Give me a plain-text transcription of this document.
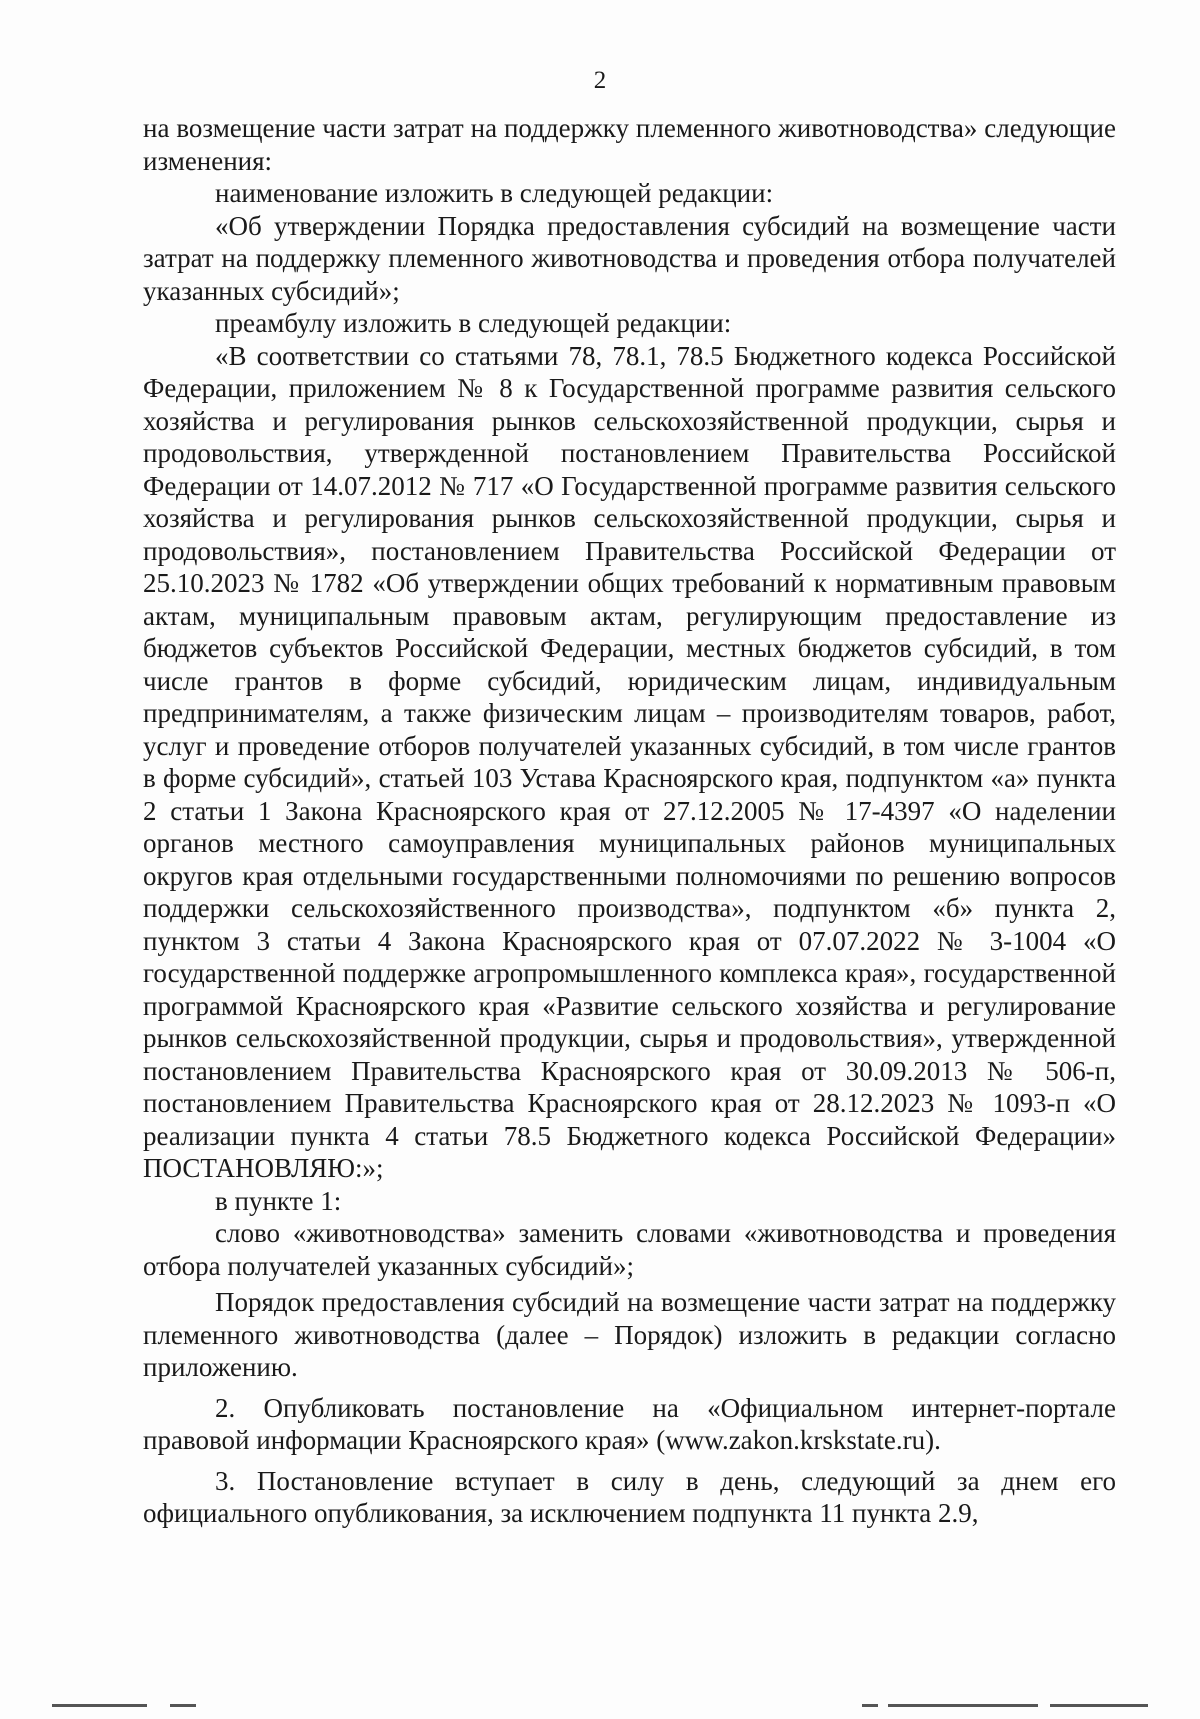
2

на возмещение части затрат на поддержку племенного животноводства» следующие изменения:

наименование изложить в следующей редакции:

«Об утверждении Порядка предоставления субсидий на возмещение части затрат на поддержку племенного животноводства и проведения отбора получателей указанных субсидий»;

преамбулу изложить в следующей редакции:

«В соответствии со статьями 78, 78.1, 78.5 Бюджетного кодекса Российской Федерации, приложением № 8 к Государственной программе развития сельского хозяйства и регулирования рынков сельскохозяйственной продукции, сырья и продовольствия, утвержденной постановлением Правительства Российской Федерации от 14.07.2012 № 717 «О Государственной программе развития сельского хозяйства и регулирования рынков сельскохозяйственной продукции, сырья и продовольствия», постановлением Правительства Российской Федерации от 25.10.2023 № 1782 «Об утверждении общих требований к нормативным правовым актам, муниципальным правовым актам, регулирующим предоставление из бюджетов субъектов Российской Федерации, местных бюджетов субсидий, в том числе грантов в форме субсидий, юридическим лицам, индивидуальным предпринимателям, а также физическим лицам – производителям товаров, работ, услуг и проведение отборов получателей указанных субсидий, в том числе грантов в форме субсидий», статьей 103 Устава Красноярского края, подпунктом «а» пункта 2 статьи 1 Закона Красноярского края от 27.12.2005 № 17-4397 «О наделении органов местного самоуправления муниципальных районов муниципальных округов края отдельными государственными полномочиями по решению вопросов поддержки сельскохозяйственного производства», подпунктом «б» пункта 2, пунктом 3 статьи 4 Закона Красноярского края от 07.07.2022 № 3-1004 «О государственной поддержке агропромышленного комплекса края», государственной программой Красноярского края «Развитие сельского хозяйства и регулирование рынков сельскохозяйственной продукции, сырья и продовольствия», утвержденной постановлением Правительства Красноярского края от 30.09.2013 № 506-п, постановлением Правительства Красноярского края от 28.12.2023 № 1093-п «О реализации пункта 4 статьи 78.5 Бюджетного кодекса Российской Федерации» ПОСТАНОВЛЯЮ:»;

в пункте 1:

слово «животноводства» заменить словами «животноводства и проведения отбора получателей указанных субсидий»;

Порядок предоставления субсидий на возмещение части затрат на поддержку племенного животноводства (далее – Порядок) изложить в редакции согласно приложению.

2. Опубликовать постановление на «Официальном интернет-портале правовой информации Красноярского края» (www.zakon.krskstate.ru).

3. Постановление вступает в силу в день, следующий за днем его официального опубликования, за исключением подпункта 11 пункта 2.9,
